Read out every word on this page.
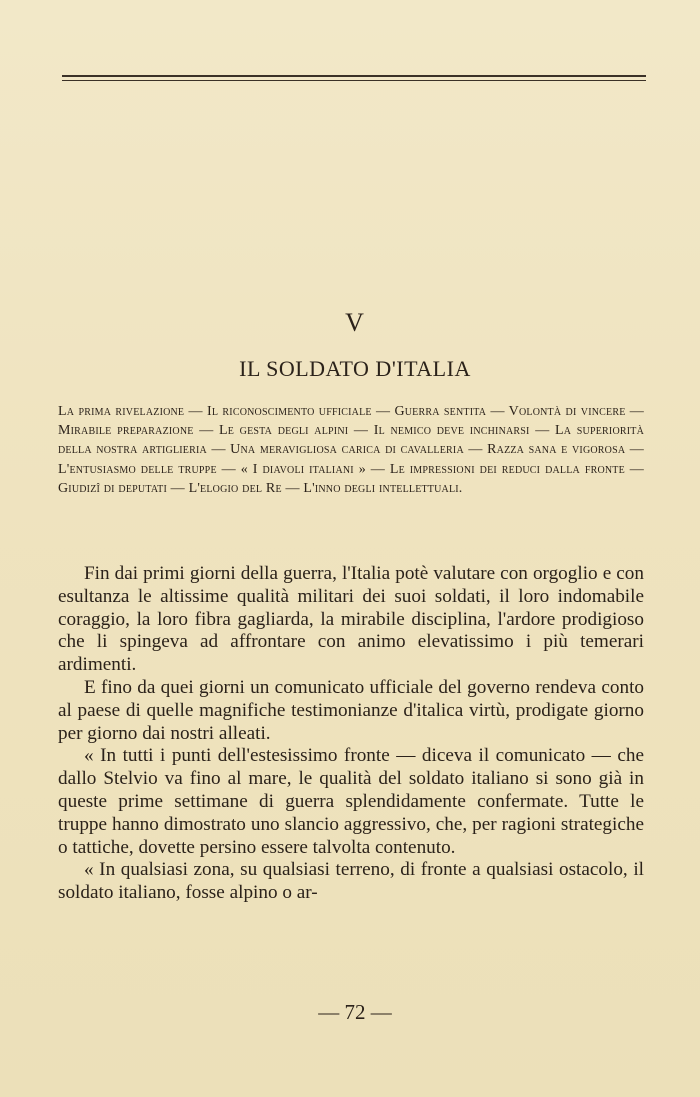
V
IL SOLDATO D'ITALIA
La prima rivelazione — Il riconoscimento ufficiale — Guerra sentita — Volontà di vincere — Mirabile preparazione — Le gesta degli alpini — Il nemico deve inchinarsi — La superiorità della nostra artiglieria — Una meravigliosa carica di cavalleria — Razza sana e vigorosa — L'entusiasmo delle truppe — « I diavoli italiani » — Le impressioni dei reduci dalla fronte — Giudizî di deputati — L'elogio del Re — L'inno degli intellettuali.

Fin dai primi giorni della guerra, l'Italia potè valutare con orgoglio e con esultanza le altissime qualità militari dei suoi soldati, il loro indomabile coraggio, la loro fibra gagliarda, la mirabile disciplina, l'ardore prodigioso che li spingeva ad affrontare con animo elevatissimo i più temerari ardimenti.

E fino da quei giorni un comunicato ufficiale del governo rendeva conto al paese di quelle magnifiche testimonianze d'italica virtù, prodigate giorno per giorno dai nostri alleati.

« In tutti i punti dell'estesissimo fronte — diceva il comunicato — che dallo Stelvio va fino al mare, le qualità del soldato italiano si sono già in queste prime settimane di guerra splendidamente confermate. Tutte le truppe hanno dimostrato uno slancio aggressivo, che, per ragioni strategiche o tattiche, dovette persino essere talvolta contenuto.

« In qualsiasi zona, su qualsiasi terreno, di fronte a qualsiasi ostacolo, il soldato italiano, fosse alpino o ar-

— 72 —
